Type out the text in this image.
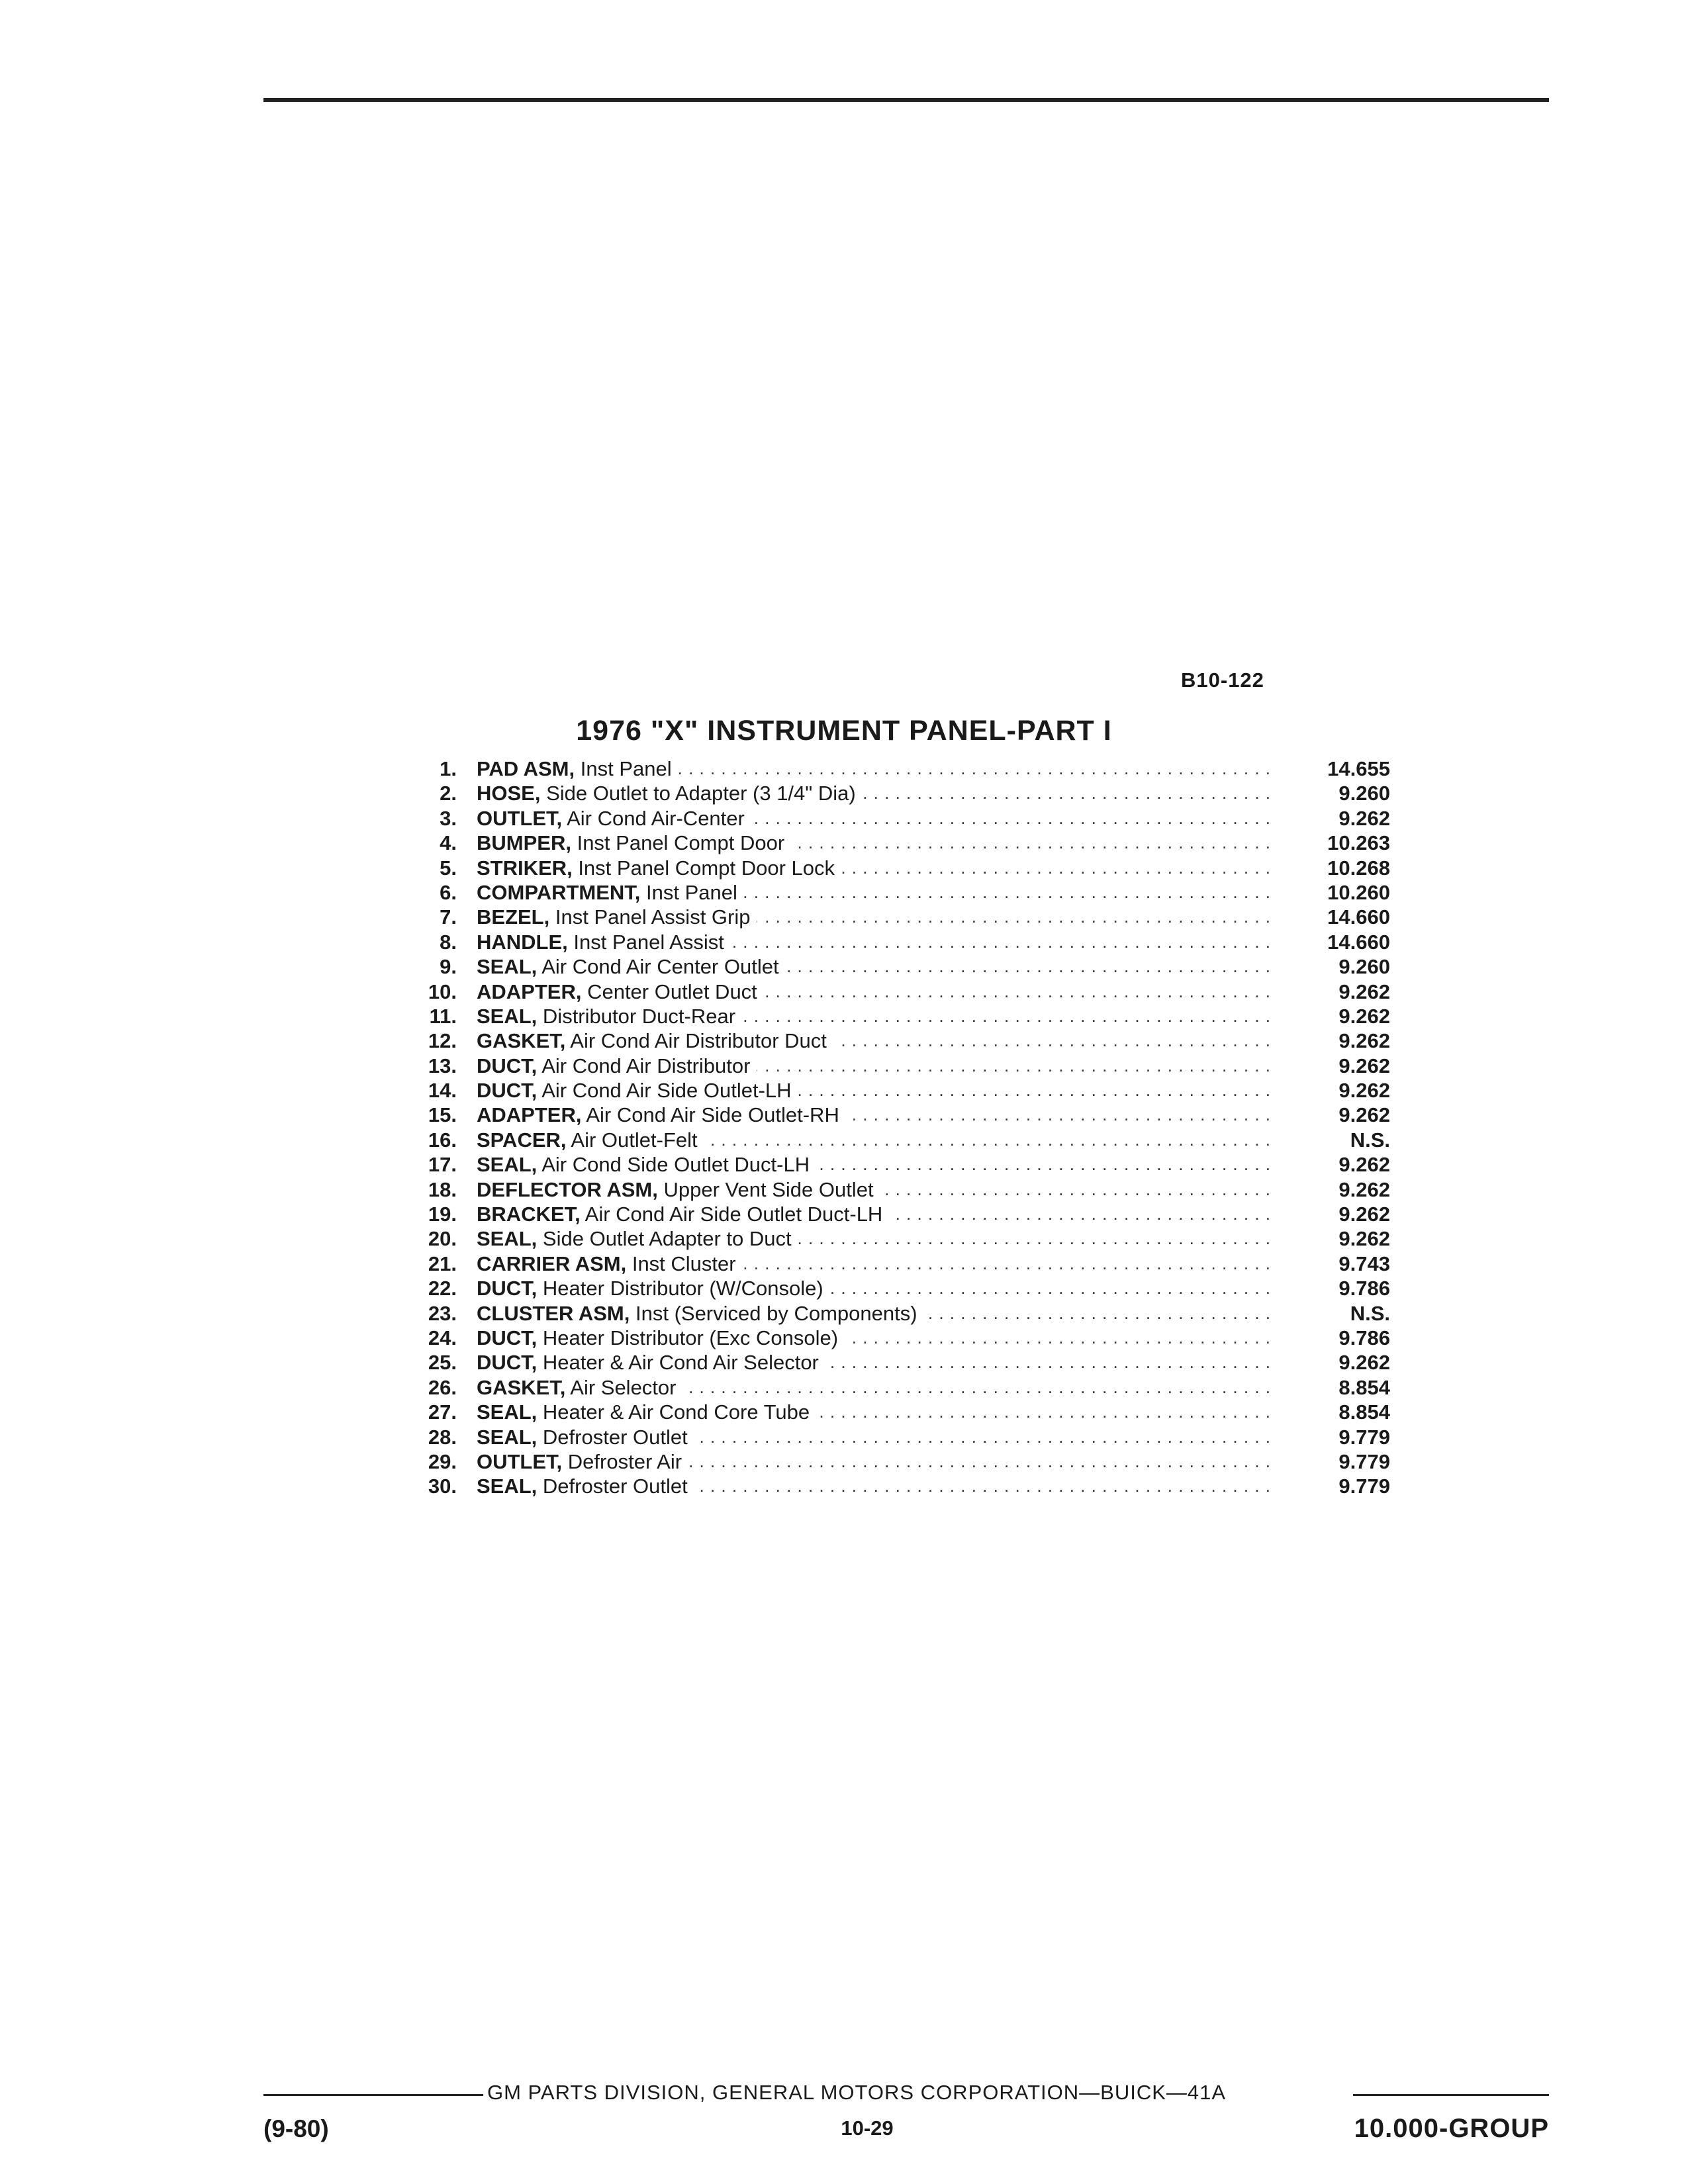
B10-122
1976 "X" INSTRUMENT PANEL-PART I
1. . . . PAD ASM, Inst Panel	14.655
2. . . . HOSE, Side Outlet to Adapter (3 1/4" Dia)	9.260
3. . . . OUTLET, Air Cond Air-Center	9.262
4. . . . BUMPER, Inst Panel Compt Door	10.263
5. . . . STRIKER, Inst Panel Compt Door Lock	10.268
6. . . . COMPARTMENT, Inst Panel	10.260
7. . . . BEZEL, Inst Panel Assist Grip	14.660
8. . . . HANDLE, Inst Panel Assist	14.660
9. . . . SEAL, Air Cond Air Center Outlet	9.260
10. . . . ADAPTER, Center Outlet Duct	9.262
11. . . . SEAL, Distributor Duct-Rear	9.262
12. . . . GASKET, Air Cond Air Distributor Duct	9.262
13. . . . DUCT, Air Cond Air Distributor	9.262
14. . . . DUCT, Air Cond Air Side Outlet-LH	9.262
15. . . . ADAPTER, Air Cond Air Side Outlet-RH	9.262
16. . . . SPACER, Air Outlet-Felt	N.S.
17. . . . SEAL, Air Cond Side Outlet Duct-LH	9.262
18. . . . DEFLECTOR ASM, Upper Vent Side Outlet	9.262
19. . . . BRACKET, Air Cond Air Side Outlet Duct-LH	9.262
20. . . . SEAL, Side Outlet Adapter to Duct	9.262
21. . . . CARRIER ASM, Inst Cluster	9.743
22. . . . DUCT, Heater Distributor (W/Console)	9.786
23. . . . CLUSTER ASM, Inst (Serviced by Components)	N.S.
24. . . . DUCT, Heater Distributor (Exc Console)	9.786
25. . . . DUCT, Heater & Air Cond Air Selector	9.262
26. . . . GASKET, Air Selector	8.854
27. . . . SEAL, Heater & Air Cond Core Tube	8.854
28. . . . SEAL, Defroster Outlet	9.779
29. . . . OUTLET, Defroster Air	9.779
30. . . . SEAL, Defroster Outlet	9.779
GM PARTS DIVISION, GENERAL MOTORS CORPORATION—BUICK—41A
(9-80)	10-29	10.000-GROUP
